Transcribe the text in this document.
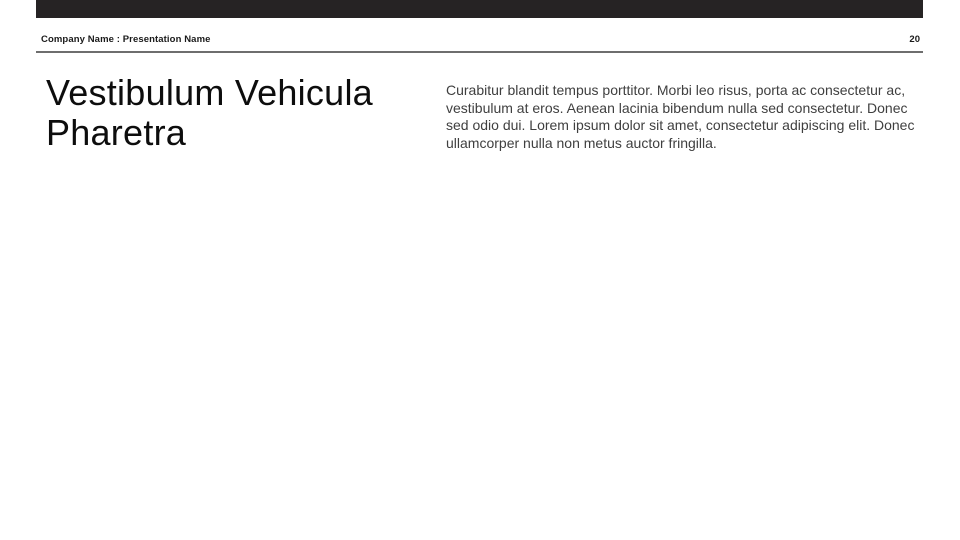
Company Name : Presentation Name	20
Vestibulum Vehicula Pharetra

Curabitur blandit tempus porttitor. Morbi leo risus, porta ac consectetur ac, vestibulum at eros. Aenean lacinia bibendum nulla sed consectetur. Donec sed odio dui. Lorem ipsum dolor sit amet, consectetur adipiscing elit. Donec ullamcorper nulla non metus auctor fringilla.
